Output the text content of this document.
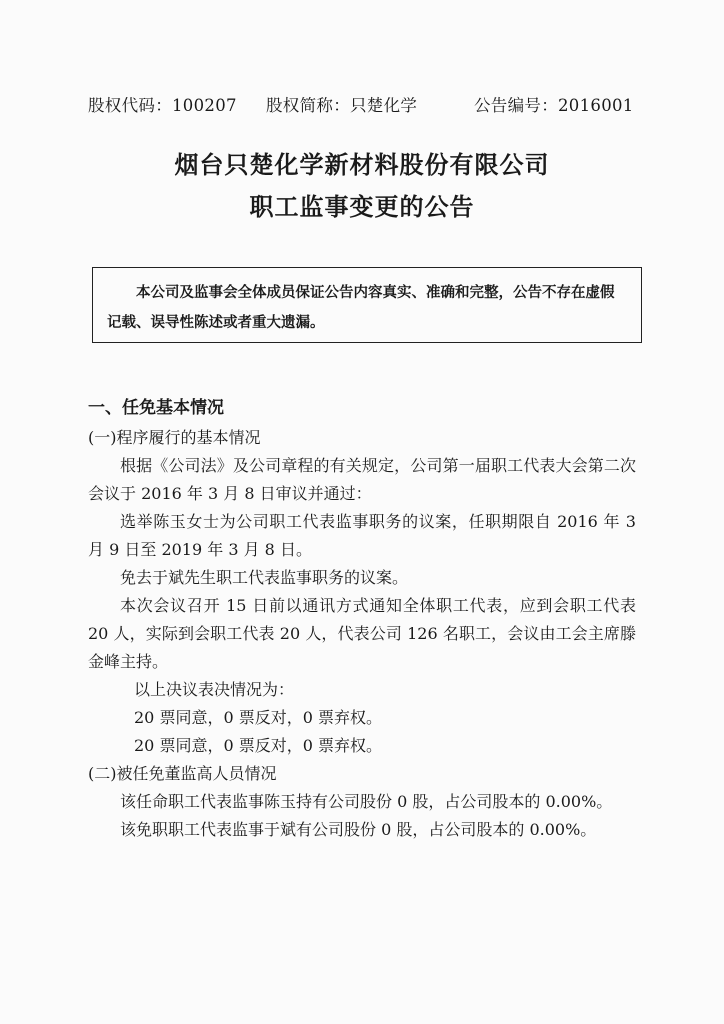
股权代码：100207 股权简称：只楚化学	公告编号：2016001
烟台只楚化学新材料股份有限公司
职工监事变更的公告
本公司及监事会全体成员保证公告内容真实、准确和完整，公告不存在虚假记载、误导性陈述或者重大遗漏。
一、任免基本情况

(一)程序履行的基本情况

根据《公司法》及公司章程的有关规定，公司第一届职工代表大会第二次会议于 2016 年 3 月 8 日审议并通过：

选举陈玉女士为公司职工代表监事职务的议案，任职期限自 2016 年 3 月 9 日至 2019 年 3 月 8 日。

免去于斌先生职工代表监事职务的议案。

本次会议召开 15 日前以通讯方式通知全体职工代表，应到会职工代表 20 人，实际到会职工代表 20 人，代表公司 126 名职工，会议由工会主席滕金峰主持。

以上决议表决情况为：

20 票同意，0 票反对，0 票弃权。

20 票同意，0 票反对，0 票弃权。

(二)被任免董监高人员情况

该任命职工代表监事陈玉持有公司股份 0 股，占公司股本的 0.00%。

该免职职工代表监事于斌有公司股份 0 股，占公司股本的 0.00%。
